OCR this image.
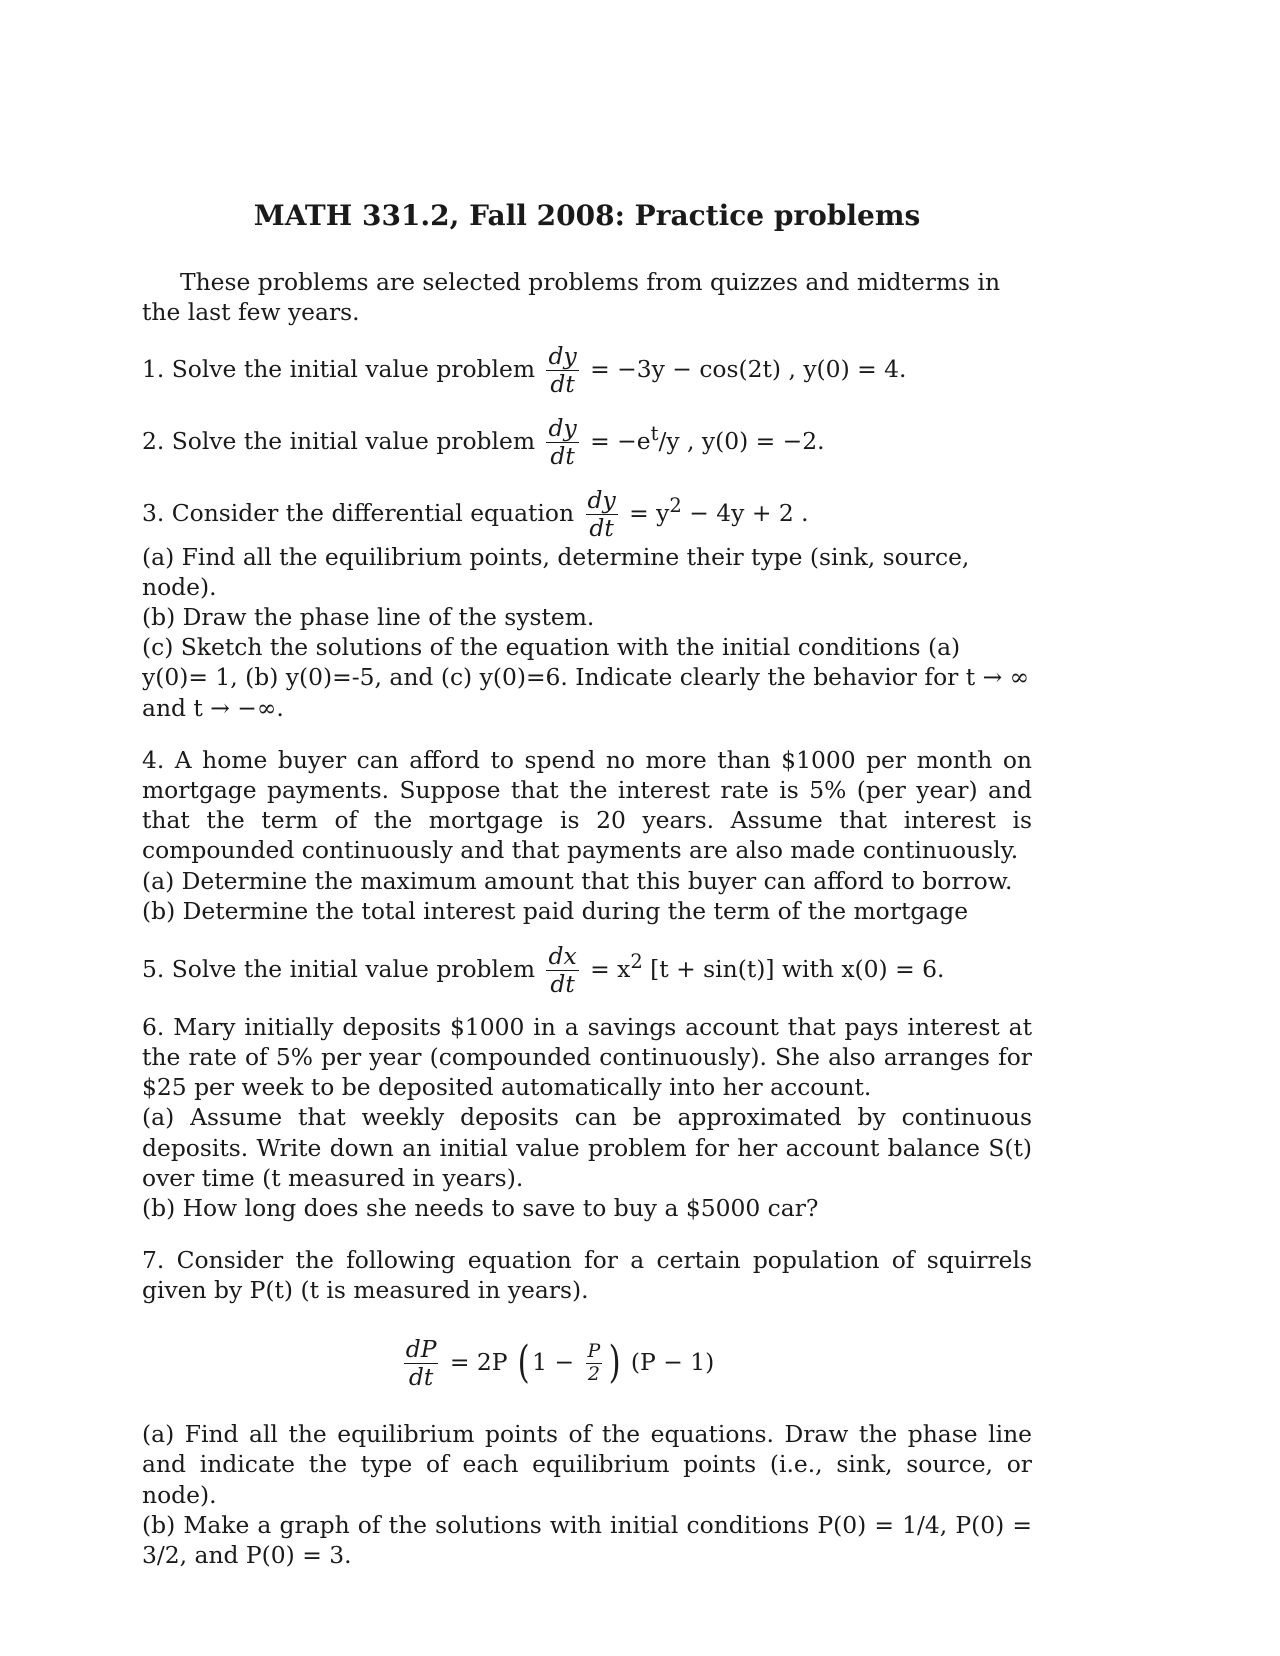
MATH 331.2, Fall 2008: Practice problems

These problems are selected problems from quizzes and midterms in the last few years.

1. Solve the initial value problem $\frac{dy}{dt} = -3y - \cos(2t)$ , y(0) = 4.
2. Solve the initial value problem $\frac{dy}{dt} = -e^t/y$ , y(0) = −2.
3. Consider the differential equation $\frac{dy}{dt} = y^2 - 4y + 2$ .
(a) Find all the equilibrium points, determine their type (sink, source, node).
(b) Draw the phase line of the system.
(c) Sketch the solutions of the equation with the initial conditions (a) y(0)= 1, (b) y(0)=-5, and (c) y(0)=6. Indicate clearly the behavior for t → ∞ and t → −∞.
4. A home buyer can afford to spend no more than $1000 per month on mortgage payments. Suppose that the interest rate is 5% (per year) and that the term of the mortgage is 20 years. Assume that interest is compounded continuously and that payments are also made continuously.
(a) Determine the maximum amount that this buyer can afford to borrow.
(b) Determine the total interest paid during the term of the mortgage
5. Solve the initial value problem $\frac{dx}{dt} = x^2$ [t + sin(t)] with x(0) = 6.
6. Mary initially deposits $1000 in a savings account that pays interest at the rate of 5% per year (compounded continuously). She also arranges for $25 per week to be deposited automatically into her account.
(a) Assume that weekly deposits can be approximated by continuous deposits. Write down an initial value problem for her account balance S(t) over time (t measured in years).
(b) How long does she needs to save to buy a $5000 car?
7. Consider the following equation for a certain population of squirrels given by P(t) (t is measured in years).
$\frac{dP}{dt} = 2P$ ( $1 - \frac{P}{2}$ ) (P − 1)
(a) Find all the equilibrium points of the equations. Draw the phase line and indicate the type of each equilibrium points (i.e., sink, source, or node).
(b) Make a graph of the solutions with initial conditions P(0) = 1/4, P(0) = 3/2, and P(0) = 3.
